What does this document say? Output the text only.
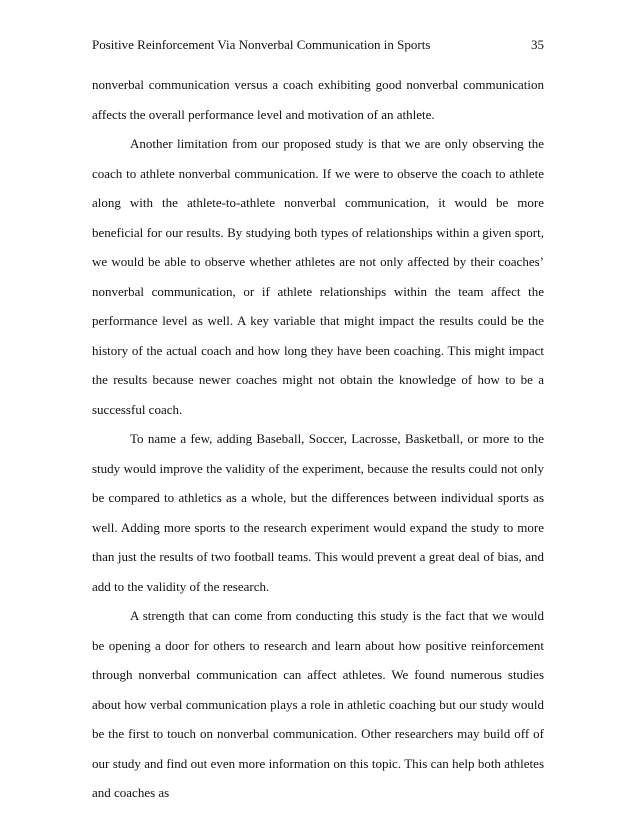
Positive Reinforcement Via Nonverbal Communication in Sports	35

nonverbal communication versus a coach exhibiting good nonverbal communication affects the overall performance level and motivation of an athlete.

Another limitation from our proposed study is that we are only observing the coach to athlete nonverbal communication. If we were to observe the coach to athlete along with the athlete-to-athlete nonverbal communication, it would be more beneficial for our results. By studying both types of relationships within a given sport, we would be able to observe whether athletes are not only affected by their coaches’ nonverbal communication, or if athlete relationships within the team affect the performance level as well. A key variable that might impact the results could be the history of the actual coach and how long they have been coaching. This might impact the results because newer coaches might not obtain the knowledge of how to be a successful coach.

To name a few, adding Baseball, Soccer, Lacrosse, Basketball, or more to the study would improve the validity of the experiment, because the results could not only be compared to athletics as a whole, but the differences between individual sports as well. Adding more sports to the research experiment would expand the study to more than just the results of two football teams. This would prevent a great deal of bias, and add to the validity of the research.

A strength that can come from conducting this study is the fact that we would be opening a door for others to research and learn about how positive reinforcement through nonverbal communication can affect athletes. We found numerous studies about how verbal communication plays a role in athletic coaching but our study would be the first to touch on nonverbal communication. Other researchers may build off of our study and find out even more information on this topic. This can help both athletes and coaches as
